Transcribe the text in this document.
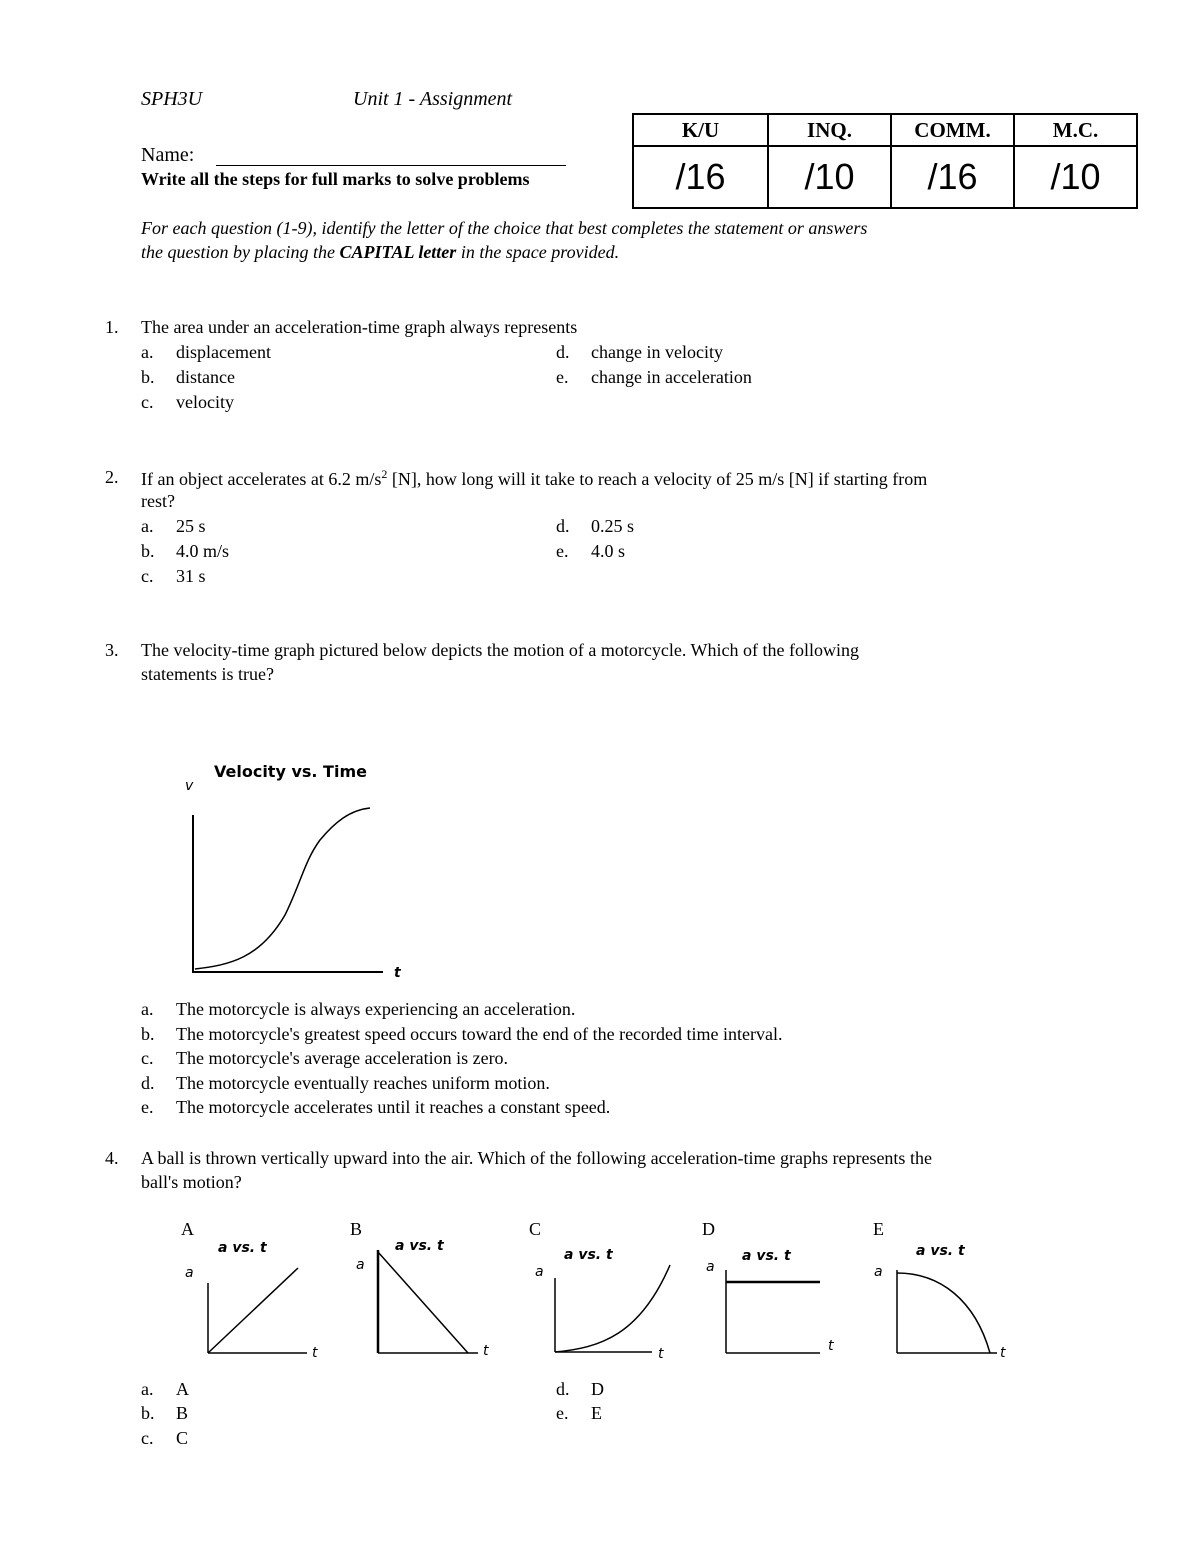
SPH3U	Unit 1 - Assignment
Name:
Write all the steps for full marks to solve problems
K/U	INQ.	COMM.	M.C.
/16	/10	/16	/10
For each question (1-9), identify the letter of the choice that best completes the statement or answers
the question by placing the CAPITAL letter in the space provided.
1. The area under an acceleration-time graph always represents
a. displacement
b. distance
c. velocity
d. change in velocity
e. change in acceleration
2. If an object accelerates at 6.2 $m/s^2$ [N], how long will it take to reach a velocity of 25 m/s [N] if starting from
rest?
a. 25 s
b. 4.0 m/s
c. 31 s
d. 0.25 s
e. 4.0 s
3. The velocity-time graph pictured below depicts the motion of a motorcycle. Which of the following
statements is true?
Velocity vs. Time
v
t
a. The motorcycle is always experiencing an acceleration.
b. The motorcycle's greatest speed occurs toward the end of the recorded time interval.
c. The motorcycle's average acceleration is zero.
d. The motorcycle eventually reaches uniform motion.
e. The motorcycle accelerates until it reaches a constant speed.
4. A ball is thrown vertically upward into the air. Which of the following acceleration-time graphs represents the
ball's motion?
A
a vs. t
a
t
B
a vs. t
a
t
C
a vs. t
a
t
D
a vs. t
a
t
E
a vs. t
a
t
a. A
b. B
c. C
d. D
e. E
